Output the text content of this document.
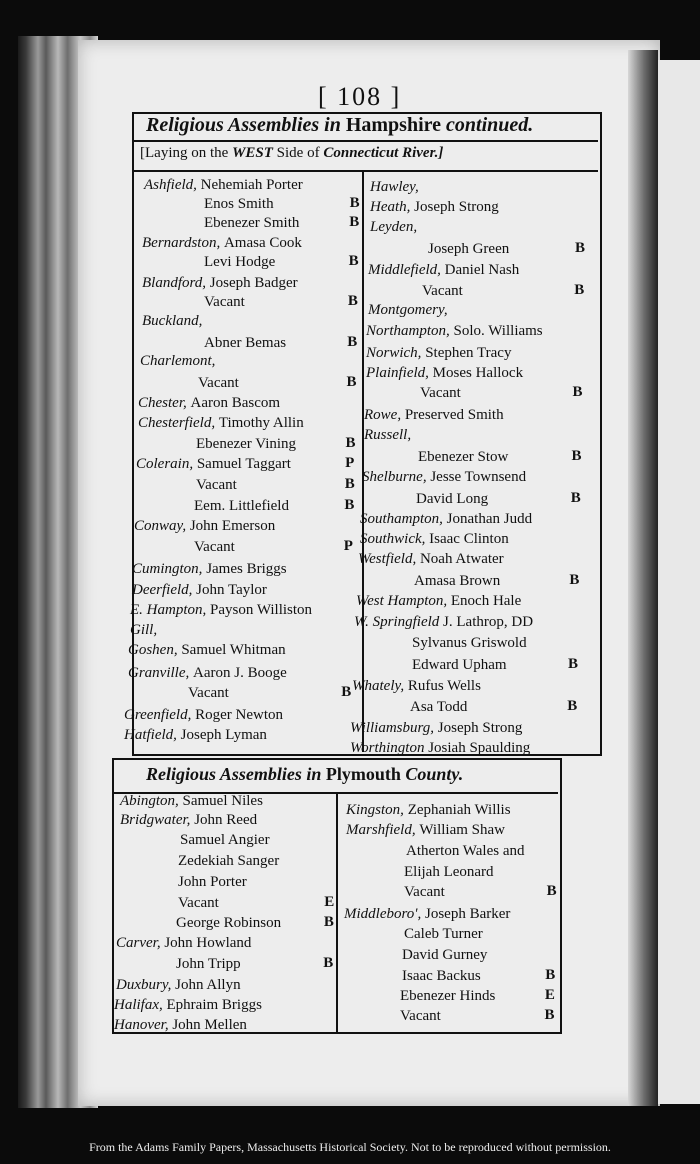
[ 108 ]
Religious Assemblies in Hampshire continued.
[Laying on the WEST Side of Connecticut River.]
Religious Assemblies in Plymouth County.
Ashfield, Nehemiah Porter
Enos Smith	B
Ebenezer Smith	B
Bernardston, Amasa Cook
Levi Hodge	B
Blandford, Joseph Badger
Vacant	B
Buckland,
Abner Bemas	B
Charlemont,
Vacant	B
Chester, Aaron Bascom
Chesterfield, Timothy Allin
Ebenezer Vining	B
Colerain, Samuel Taggart	P
Vacant	B
Eem. Littlefield	B
Conway, John Emerson
Vacant	P
Cumington, James Briggs
Deerfield, John Taylor
E. Hampton, Payson Williston
Gill,
Goshen, Samuel Whitman
Granville, Aaron J. Booge
Vacant	B
Greenfield, Roger Newton
Hatfield, Joseph Lyman
Hawley,
Heath, Joseph Strong
Leyden,
Joseph Green	B
Middlefield, Daniel Nash
Vacant	B
Montgomery,
Northampton, Solo. Williams
Norwich, Stephen Tracy
Plainfield, Moses Hallock
Vacant	B
Rowe, Preserved Smith
Russell,
Ebenezer Stow	B
Shelburne, Jesse Townsend
David Long	B
Southampton, Jonathan Judd
Southwick, Isaac Clinton
Westfield, Noah Atwater
Amasa Brown	B
West Hampton, Enoch Hale
W. Springfield J. Lathrop, DD
Sylvanus Griswold
Edward Upham	B
Whately, Rufus Wells
Asa Todd	B
Williamsburg, Joseph Strong
Worthington Josiah Spaulding
Abington, Samuel Niles
Bridgwater, John Reed
Samuel Angier
Zedekiah Sanger
John Porter
Vacant	E
George Robinson	B
Carver, John Howland
John Tripp	B
Duxbury, John Allyn
Halifax, Ephraim Briggs
Hanover, John Mellen
Kingston, Zephaniah Willis
Marshfield, William Shaw
Atherton Wales and
Elijah Leonard
Vacant	B
Middleboro', Joseph Barker
Caleb Turner
David Gurney
Isaac Backus	B
Ebenezer Hinds	E
Vacant	B
From the Adams Family Papers, Massachusetts Historical Society. Not to be reproduced without permission.
